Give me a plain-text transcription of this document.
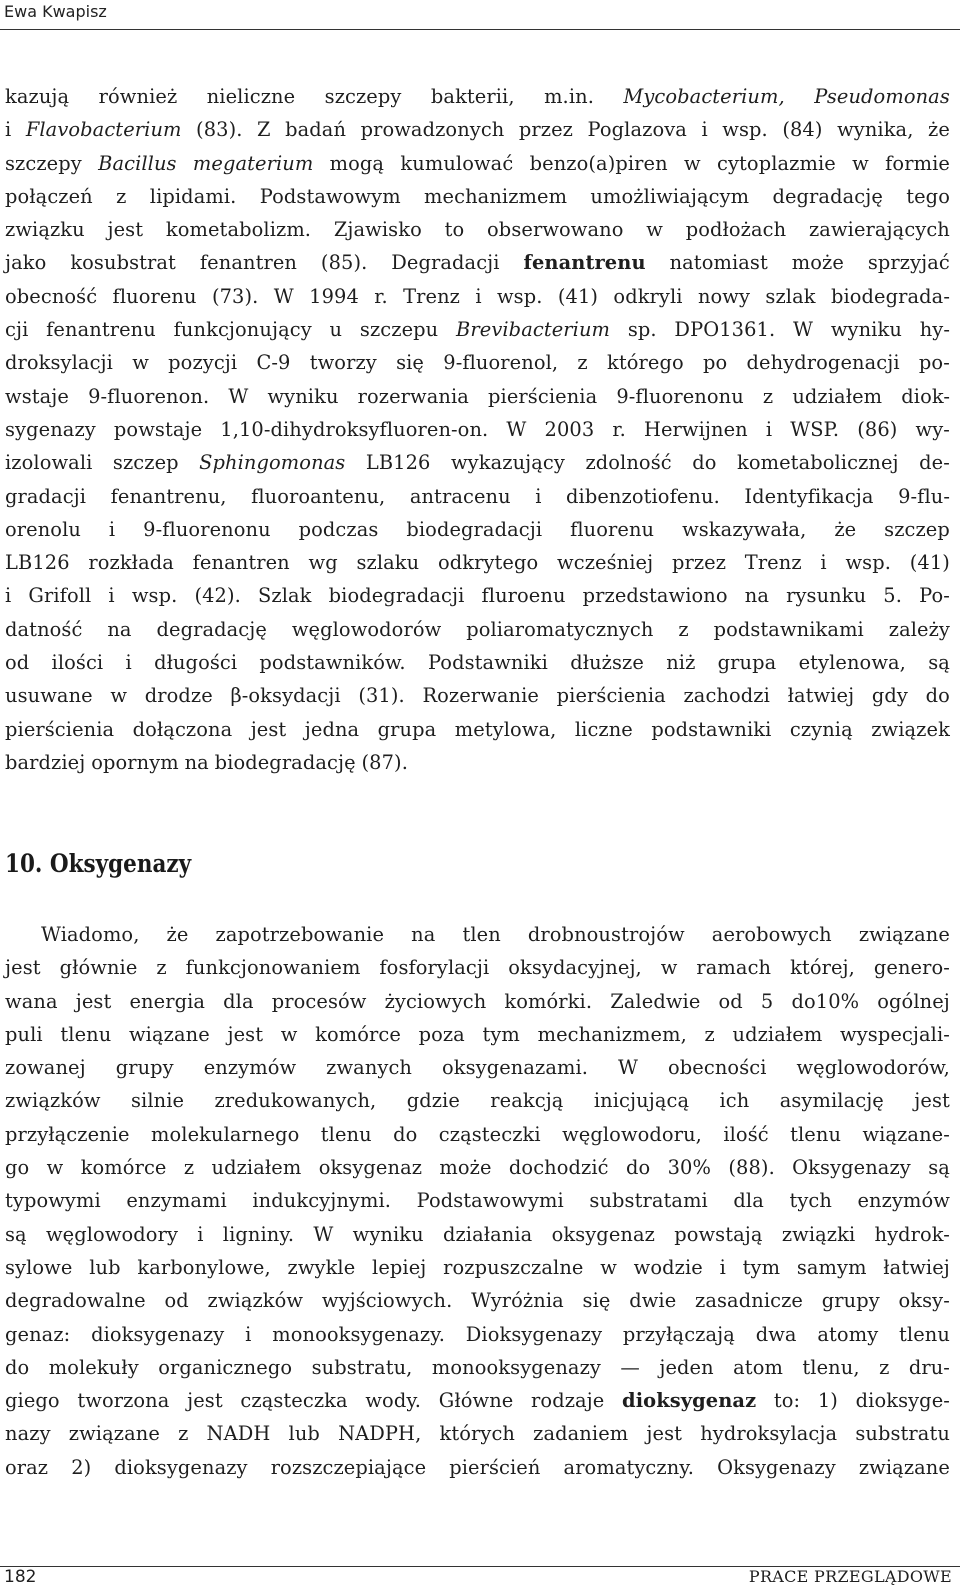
Ewa Kwapisz
kazują również nieliczne szczepy bakterii, m.in. Mycobacterium, Pseudomonas
i Flavobacterium (83). Z badań prowadzonych przez Poglazova i wsp. (84) wynika, że
szczepy Bacillus megaterium mogą kumulować benzo(a)piren w cytoplazmie w formie
połączeń z lipidami. Podstawowym mechanizmem umożliwiającym degradację tego
związku jest kometabolizm. Zjawisko to obserwowano w podłożach zawierających
jako kosubstrat fenantren (85). Degradacji fenantrenu natomiast może sprzyjać
obecność fluorenu (73). W 1994 r. Trenz i wsp. (41) odkryli nowy szlak biodegrada-
cji fenantrenu funkcjonujący u szczepu Brevibacterium sp. DPO1361. W wyniku hy-
droksylacji w pozycji C-9 tworzy się 9-fluorenol, z którego po dehydrogenacji po-
wstaje 9-fluorenon. W wyniku rozerwania pierścienia 9-fluorenonu z udziałem diok-
sygenazy powstaje 1,10-dihydroksyfluoren-on. W 2003 r. Herwijnen i WSP. (86) wy-
izolowali szczep Sphingomonas LB126 wykazujący zdolność do kometabolicznej de-
gradacji fenantrenu, fluoroantenu, antracenu i dibenzotiofenu. Identyfikacja 9-flu-
orenolu i 9-fluorenonu podczas biodegradacji fluorenu wskazywała, że szczep
LB126 rozkłada fenantren wg szlaku odkrytego wcześniej przez Trenz i wsp. (41)
i Grifoll i wsp. (42). Szlak biodegradacji fluroenu przedstawiono na rysunku 5. Po-
datność na degradację węglowodorów poliaromatycznych z podstawnikami zależy
od ilości i długości podstawników. Podstawniki dłuższe niż grupa etylenowa, są
usuwane w drodze β-oksydacji (31). Rozerwanie pierścienia zachodzi łatwiej gdy do
pierścienia dołączona jest jedna grupa metylowa, liczne podstawniki czynią związek
bardziej opornym na biodegradację (87).
10. Oksygenazy
Wiadomo, że zapotrzebowanie na tlen drobnoustrojów aerobowych związane
jest głównie z funkcjonowaniem fosforylacji oksydacyjnej, w ramach której, genero-
wana jest energia dla procesów życiowych komórki. Zaledwie od 5 do10% ogólnej
puli tlenu wiązane jest w komórce poza tym mechanizmem, z udziałem wyspecjali-
zowanej grupy enzymów zwanych oksygenazami. W obecności węglowodorów,
związków silnie zredukowanych, gdzie reakcją inicjującą ich asymilację jest
przyłączenie molekularnego tlenu do cząsteczki węglowodoru, ilość tlenu wiązane-
go w komórce z udziałem oksygenaz może dochodzić do 30% (88). Oksygenazy są
typowymi enzymami indukcyjnymi. Podstawowymi substratami dla tych enzymów
są węglowodory i ligniny. W wyniku działania oksygenaz powstają związki hydrok-
sylowe lub karbonylowe, zwykle lepiej rozpuszczalne w wodzie i tym samym łatwiej
degradowalne od związków wyjściowych. Wyróżnia się dwie zasadnicze grupy oksy-
genaz: dioksygenazy i monooksygenazy. Dioksygenazy przyłączają dwa atomy tlenu
do molekuły organicznego substratu, monooksygenazy — jeden atom tlenu, z dru-
giego tworzona jest cząsteczka wody. Główne rodzaje dioksygenaz to: 1) dioksyge-
nazy związane z NADH lub NADPH, których zadaniem jest hydroksylacja substratu
oraz 2) dioksygenazy rozszczepiające pierścień aromatyczny. Oksygenazy związane
182	PRACE PRZEGLĄDOWE
